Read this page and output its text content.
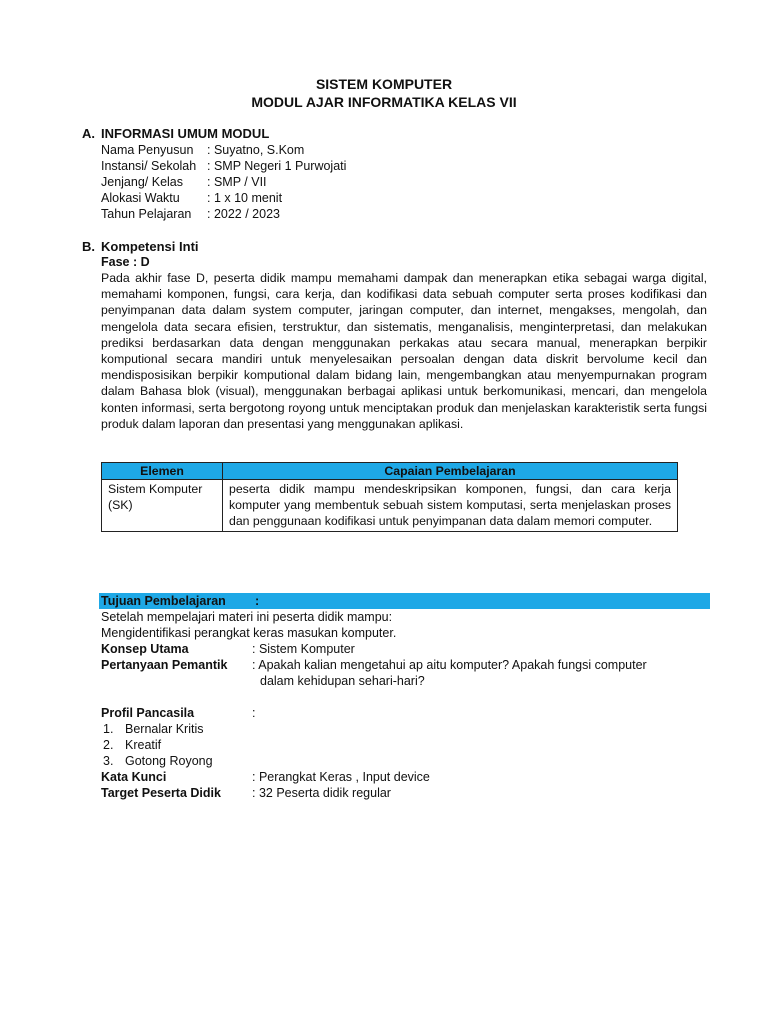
SISTEM KOMPUTER
MODUL AJAR INFORMATIKA KELAS VII
A. INFORMASI UMUM MODUL
Nama Penyusun : Suyatno, S.Kom
Instansi/ Sekolah : SMP Negeri 1 Purwojati
Jenjang/ Kelas : SMP / VII
Alokasi Waktu : 1 x 10 menit
Tahun Pelajaran : 2022 / 2023
B. Kompetensi Inti
Fase : D
Pada akhir fase D, peserta didik mampu memahami dampak dan menerapkan etika sebagai warga digital, memahami komponen, fungsi, cara kerja, dan kodifikasi data sebuah computer serta proses kodifikasi dan penyimpanan data dalam system computer, jaringan computer, dan internet, mengakses, mengolah, dan mengelola data secara efisien, terstruktur, dan sistematis, menganalisis, menginterpretasi, dan melakukan prediksi berdasarkan data dengan menggunakan perkakas atau secara manual, menerapkan berpikir komputional secara mandiri untuk menyelesaikan persoalan dengan data diskrit bervolume kecil dan mendisposisikan berpikir komputional dalam bidang lain, mengembangkan atau menyempurnakan program dalam Bahasa blok (visual), menggunakan berbagai aplikasi untuk berkomunikasi, mencari, dan mengelola konten informasi, serta bergotong royong untuk menciptakan produk dan menjelaskan karakteristik serta fungsi produk dalam laporan dan presentasi yang menggunakan aplikasi.
Elemen	Capaian Pembelajaran
Sistem Komputer (SK)	peserta didik mampu mendeskripsikan komponen, fungsi, dan cara kerja komputer yang membentuk sebuah sistem komputasi, serta menjelaskan proses dan penggunaan kodifikasi untuk penyimpanan data dalam memori computer.
Tujuan Pembelajaran :
Setelah mempelajari materi ini peserta didik mampu:
Mengidentifikasi perangkat keras masukan komputer.
Konsep Utama	: Sistem Komputer
Pertanyaan Pemantik : Apakah kalian mengetahui ap aitu komputer? Apakah fungsi computer
dalam kehidupan sehari-hari?
Profil Pancasila	:
1. Bernalar Kritis
2. Kreatif
3. Gotong Royong
Kata Kunci	: Perangkat Keras , Input device
Target Peserta Didik : 32 Peserta didik regular
